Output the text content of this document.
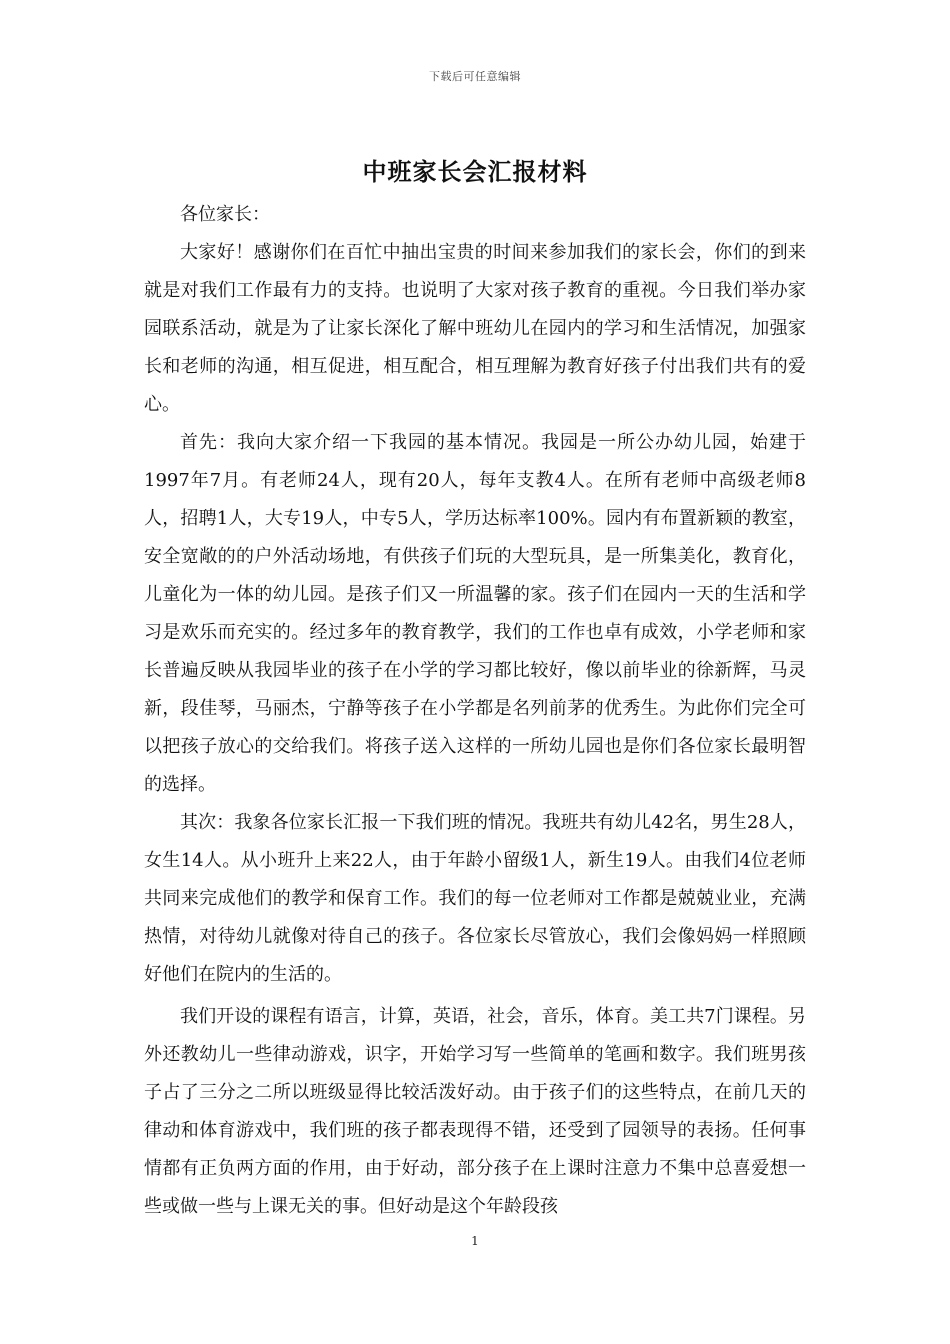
下载后可任意编辑
中班家长会汇报材料

各位家长：

大家好！感谢你们在百忙中抽出宝贵的时间来参加我们的家长会，你们的到来就是对我们工作最有力的支持。也说明了大家对孩子教育的重视。今日我们举办家园联系活动，就是为了让家长深化了解中班幼儿在园内的学习和生活情况，加强家长和老师的沟通，相互促进，相互配合，相互理解为教育好孩子付出我们共有的爱心。

首先：我向大家介绍一下我园的基本情况。我园是一所公办幼儿园，始建于1997年7月。有老师24人，现有20人，每年支教4人。在所有老师中高级老师8人，招聘1人，大专19人，中专5人，学历达标率100%。园内有布置新颖的教室，安全宽敞的的户外活动场地，有供孩子们玩的大型玩具，是一所集美化，教育化，儿童化为一体的幼儿园。是孩子们又一所温馨的家。孩子们在园内一天的生活和学习是欢乐而充实的。经过多年的教育教学，我们的工作也卓有成效，小学老师和家长普遍反映从我园毕业的孩子在小学的学习都比较好，像以前毕业的徐新辉，马灵新，段佳琴，马丽杰，宁静等孩子在小学都是名列前茅的优秀生。为此你们完全可以把孩子放心的交给我们。将孩子送入这样的一所幼儿园也是你们各位家长最明智的选择。

其次：我象各位家长汇报一下我们班的情况。我班共有幼儿42名，男生28人，女生14人。从小班升上来22人，由于年龄小留级1人，新生19人。由我们4位老师共同来完成他们的教学和保育工作。我们的每一位老师对工作都是兢兢业业，充满热情，对待幼儿就像对待自己的孩子。各位家长尽管放心，我们会像妈妈一样照顾好他们在院内的生活的。

我们开设的课程有语言，计算，英语，社会，音乐，体育。美工共7门课程。另外还教幼儿一些律动游戏，识字，开始学习写一些简单的笔画和数字。我们班男孩子占了三分之二所以班级显得比较活泼好动。由于孩子们的这些特点，在前几天的律动和体育游戏中，我们班的孩子都表现得不错，还受到了园领导的表扬。任何事情都有正负两方面的作用，由于好动，部分孩子在上课时注意力不集中总喜爱想一些或做一些与上课无关的事。但好动是这个年龄段孩

1
